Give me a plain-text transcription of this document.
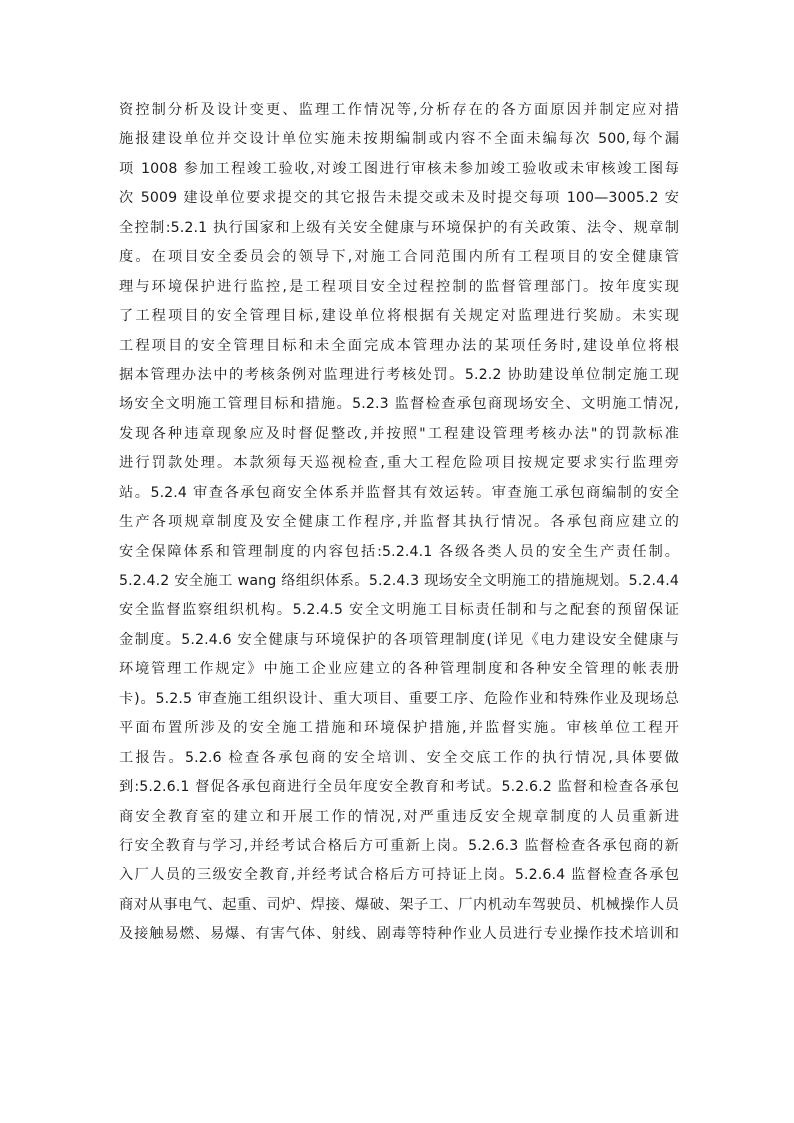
资控制分析及设计变更、监理工作情况等,分析存在的各方面原因并制定应对措
施报建设单位并交设计单位实施未按期编制或内容不全面未编每次 500,每个漏
项 1008 参加工程竣工验收,对竣工图进行审核未参加竣工验收或未审核竣工图每
次 5009 建设单位要求提交的其它报告未提交或未及时提交每项 100—3005.2 安
全控制:5.2.1 执行国家和上级有关安全健康与环境保护的有关政策、法令、规章制
度。在项目安全委员会的领导下,对施工合同范围内所有工程项目的安全健康管
理与环境保护进行监控,是工程项目安全过程控制的监督管理部门。按年度实现
了工程项目的安全管理目标,建设单位将根据有关规定对监理进行奖励。未实现
工程项目的安全管理目标和未全面完成本管理办法的某项任务时,建设单位将根
据本管理办法中的考核条例对监理进行考核处罚。5.2.2 协助建设单位制定施工现
场安全文明施工管理目标和措施。5.2.3 监督检查承包商现场安全、文明施工情况,
发现各种违章现象应及时督促整改,并按照"工程建设管理考核办法"的罚款标准
进行罚款处理。本款须每天巡视检查,重大工程危险项目按规定要求实行监理旁
站。5.2.4 审查各承包商安全体系并监督其有效运转。审查施工承包商编制的安全
生产各项规章制度及安全健康工作程序,并监督其执行情况。各承包商应建立的
安全保障体系和管理制度的内容包括:5.2.4.1 各级各类人员的安全生产责任制。
5.2.4.2 安全施工 wang 络组织体系。5.2.4.3 现场安全文明施工的措施规划。5.2.4.4
安全监督监察组织机构。5.2.4.5 安全文明施工目标责任制和与之配套的预留保证
金制度。5.2.4.6 安全健康与环境保护的各项管理制度(详见《电力建设安全健康与
环境管理工作规定》中施工企业应建立的各种管理制度和各种安全管理的帐表册
卡)。5.2.5 审查施工组织设计、重大项目、重要工序、危险作业和特殊作业及现场总
平面布置所涉及的安全施工措施和环境保护措施,并监督实施。审核单位工程开
工报告。5.2.6 检查各承包商的安全培训、安全交底工作的执行情况,具体要做
到:5.2.6.1 督促各承包商进行全员年度安全教育和考试。5.2.6.2 监督和检查各承包
商安全教育室的建立和开展工作的情况,对严重违反安全规章制度的人员重新进
行安全教育与学习,并经考试合格后方可重新上岗。5.2.6.3 监督检查各承包商的新
入厂人员的三级安全教育,并经考试合格后方可持证上岗。5.2.6.4 监督检查各承包
商对从事电气、起重、司炉、焊接、爆破、架子工、厂内机动车驾驶员、机械操作人员
及接触易燃、易爆、有害气体、射线、剧毒等特种作业人员进行专业操作技术培训和
